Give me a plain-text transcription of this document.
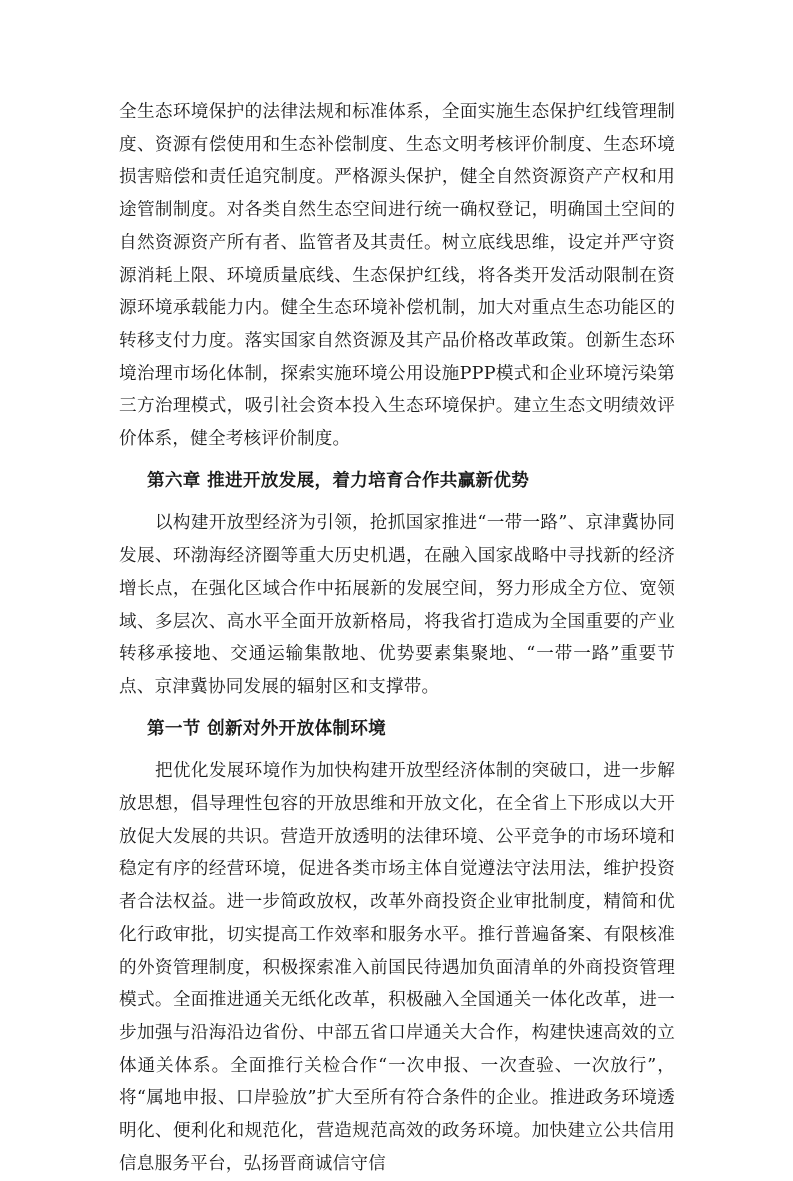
全生态环境保护的法律法规和标准体系，全面实施生态保护红线管理制度、资源有偿使用和生态补偿制度、生态文明考核评价制度、生态环境损害赔偿和责任追究制度。严格源头保护，健全自然资源资产产权和用途管制制度。对各类自然生态空间进行统一确权登记，明确国土空间的自然资源资产所有者、监管者及其责任。树立底线思维，设定并严守资源消耗上限、环境质量底线、生态保护红线，将各类开发活动限制在资源环境承载能力内。健全生态环境补偿机制，加大对重点生态功能区的转移支付力度。落实国家自然资源及其产品价格改革政策。创新生态环境治理市场化体制，探索实施环境公用设施PPP模式和企业环境污染第三方治理模式，吸引社会资本投入生态环境保护。建立生态文明绩效评价体系，健全考核评价制度。

第六章 推进开放发展，着力培育合作共赢新优势

以构建开放型经济为引领，抢抓国家推进“一带一路”、京津冀协同发展、环渤海经济圈等重大历史机遇，在融入国家战略中寻找新的经济增长点，在强化区域合作中拓展新的发展空间，努力形成全方位、宽领域、多层次、高水平全面开放新格局，将我省打造成为全国重要的产业转移承接地、交通运输集散地、优势要素集聚地、“一带一路”重要节点、京津冀协同发展的辐射区和支撑带。

第一节 创新对外开放体制环境

把优化发展环境作为加快构建开放型经济体制的突破口，进一步解放思想，倡导理性包容的开放思维和开放文化，在全省上下形成以大开放促大发展的共识。营造开放透明的法律环境、公平竞争的市场环境和稳定有序的经营环境，促进各类市场主体自觉遵法守法用法，维护投资者合法权益。进一步简政放权，改革外商投资企业审批制度，精简和优化行政审批，切实提高工作效率和服务水平。推行普遍备案、有限核准的外资管理制度，积极探索准入前国民待遇加负面清单的外商投资管理模式。全面推进通关无纸化改革，积极融入全国通关一体化改革，进一步加强与沿海沿边省份、中部五省口岸通关大合作，构建快速高效的立体通关体系。全面推行关检合作“一次申报、一次查验、一次放行”，将“属地申报、口岸验放”扩大至所有符合条件的企业。推进政务环境透明化、便利化和规范化，营造规范高效的政务环境。加快建立公共信用信息服务平台，弘扬晋商诚信守信
